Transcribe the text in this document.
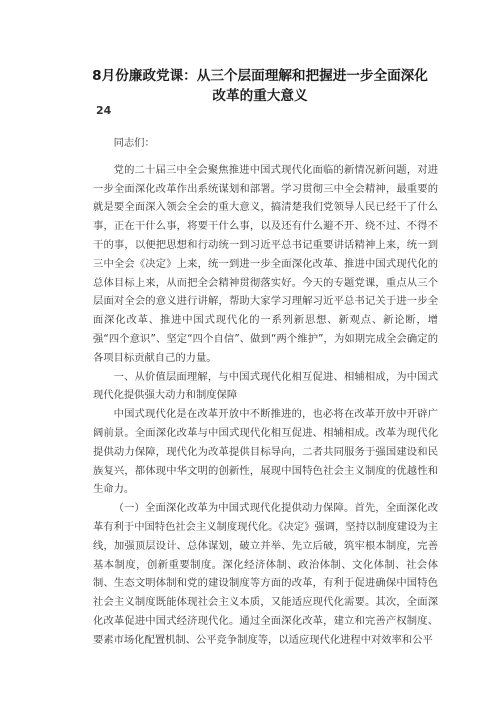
8月份廉政党课：从三个层面理解和把握进一步全面深化
改革的重大意义
24

同志们：

党的二十届三中全会聚焦推进中国式现代化面临的新情况新问题，对进一步全面深化改革作出系统谋划和部署。学习贯彻三中全会精神，最重要的就是要全面深入领会全会的重大意义，搞清楚我们党领导人民已经干了什么事，正在干什么事，将要干什么事，以及还有什么避不开、绕不过、不得不干的事，以便把思想和行动统一到习近平总书记重要讲话精神上来，统一到三中全会《决定》上来，统一到进一步全面深化改革、推进中国式现代化的总体目标上来，从而把全会精神贯彻落实好。今天的专题党课，重点从三个层面对全会的意义进行讲解，帮助大家学习理解习近平总书记关于进一步全面深化改革、推进中国式现代化的一系列新思想、新观点、新论断，增强“四个意识”、坚定“四个自信”、做到“两个维护”，为如期完成全会确定的各项目标贡献自己的力量。

一、从价值层面理解，与中国式现代化相互促进、相辅相成，为中国式现代化提供强大动力和制度保障

中国式现代化是在改革开放中不断推进的，也必将在改革开放中开辟广阔前景。全面深化改革与中国式现代化相互促进、相辅相成。改革为现代化提供动力保障，现代化为改革提供目标导向，二者共同服务于强国建设和民族复兴，都体现中华文明的创新性，展现中国特色社会主义制度的优越性和生命力。

（一）全面深化改革为中国式现代化提供动力保障。首先，全面深化改革有利于中国特色社会主义制度现代化。《决定》强调，坚持以制度建设为主线，加强顶层设计、总体谋划，破立并举、先立后破，筑牢根本制度，完善基本制度，创新重要制度。深化经济体制、政治体制、文化体制、社会体制、生态文明体制和党的建设制度等方面的改革，有利于促进确保中国特色社会主义制度既能体现社会主义本质，又能适应现代化需要。其次，全面深化改革促进中国式经济现代化。通过全面深化改革，建立和完善产权制度、要素市场化配置机制、公平竞争制度等，以适应现代化进程中对效率和公平
